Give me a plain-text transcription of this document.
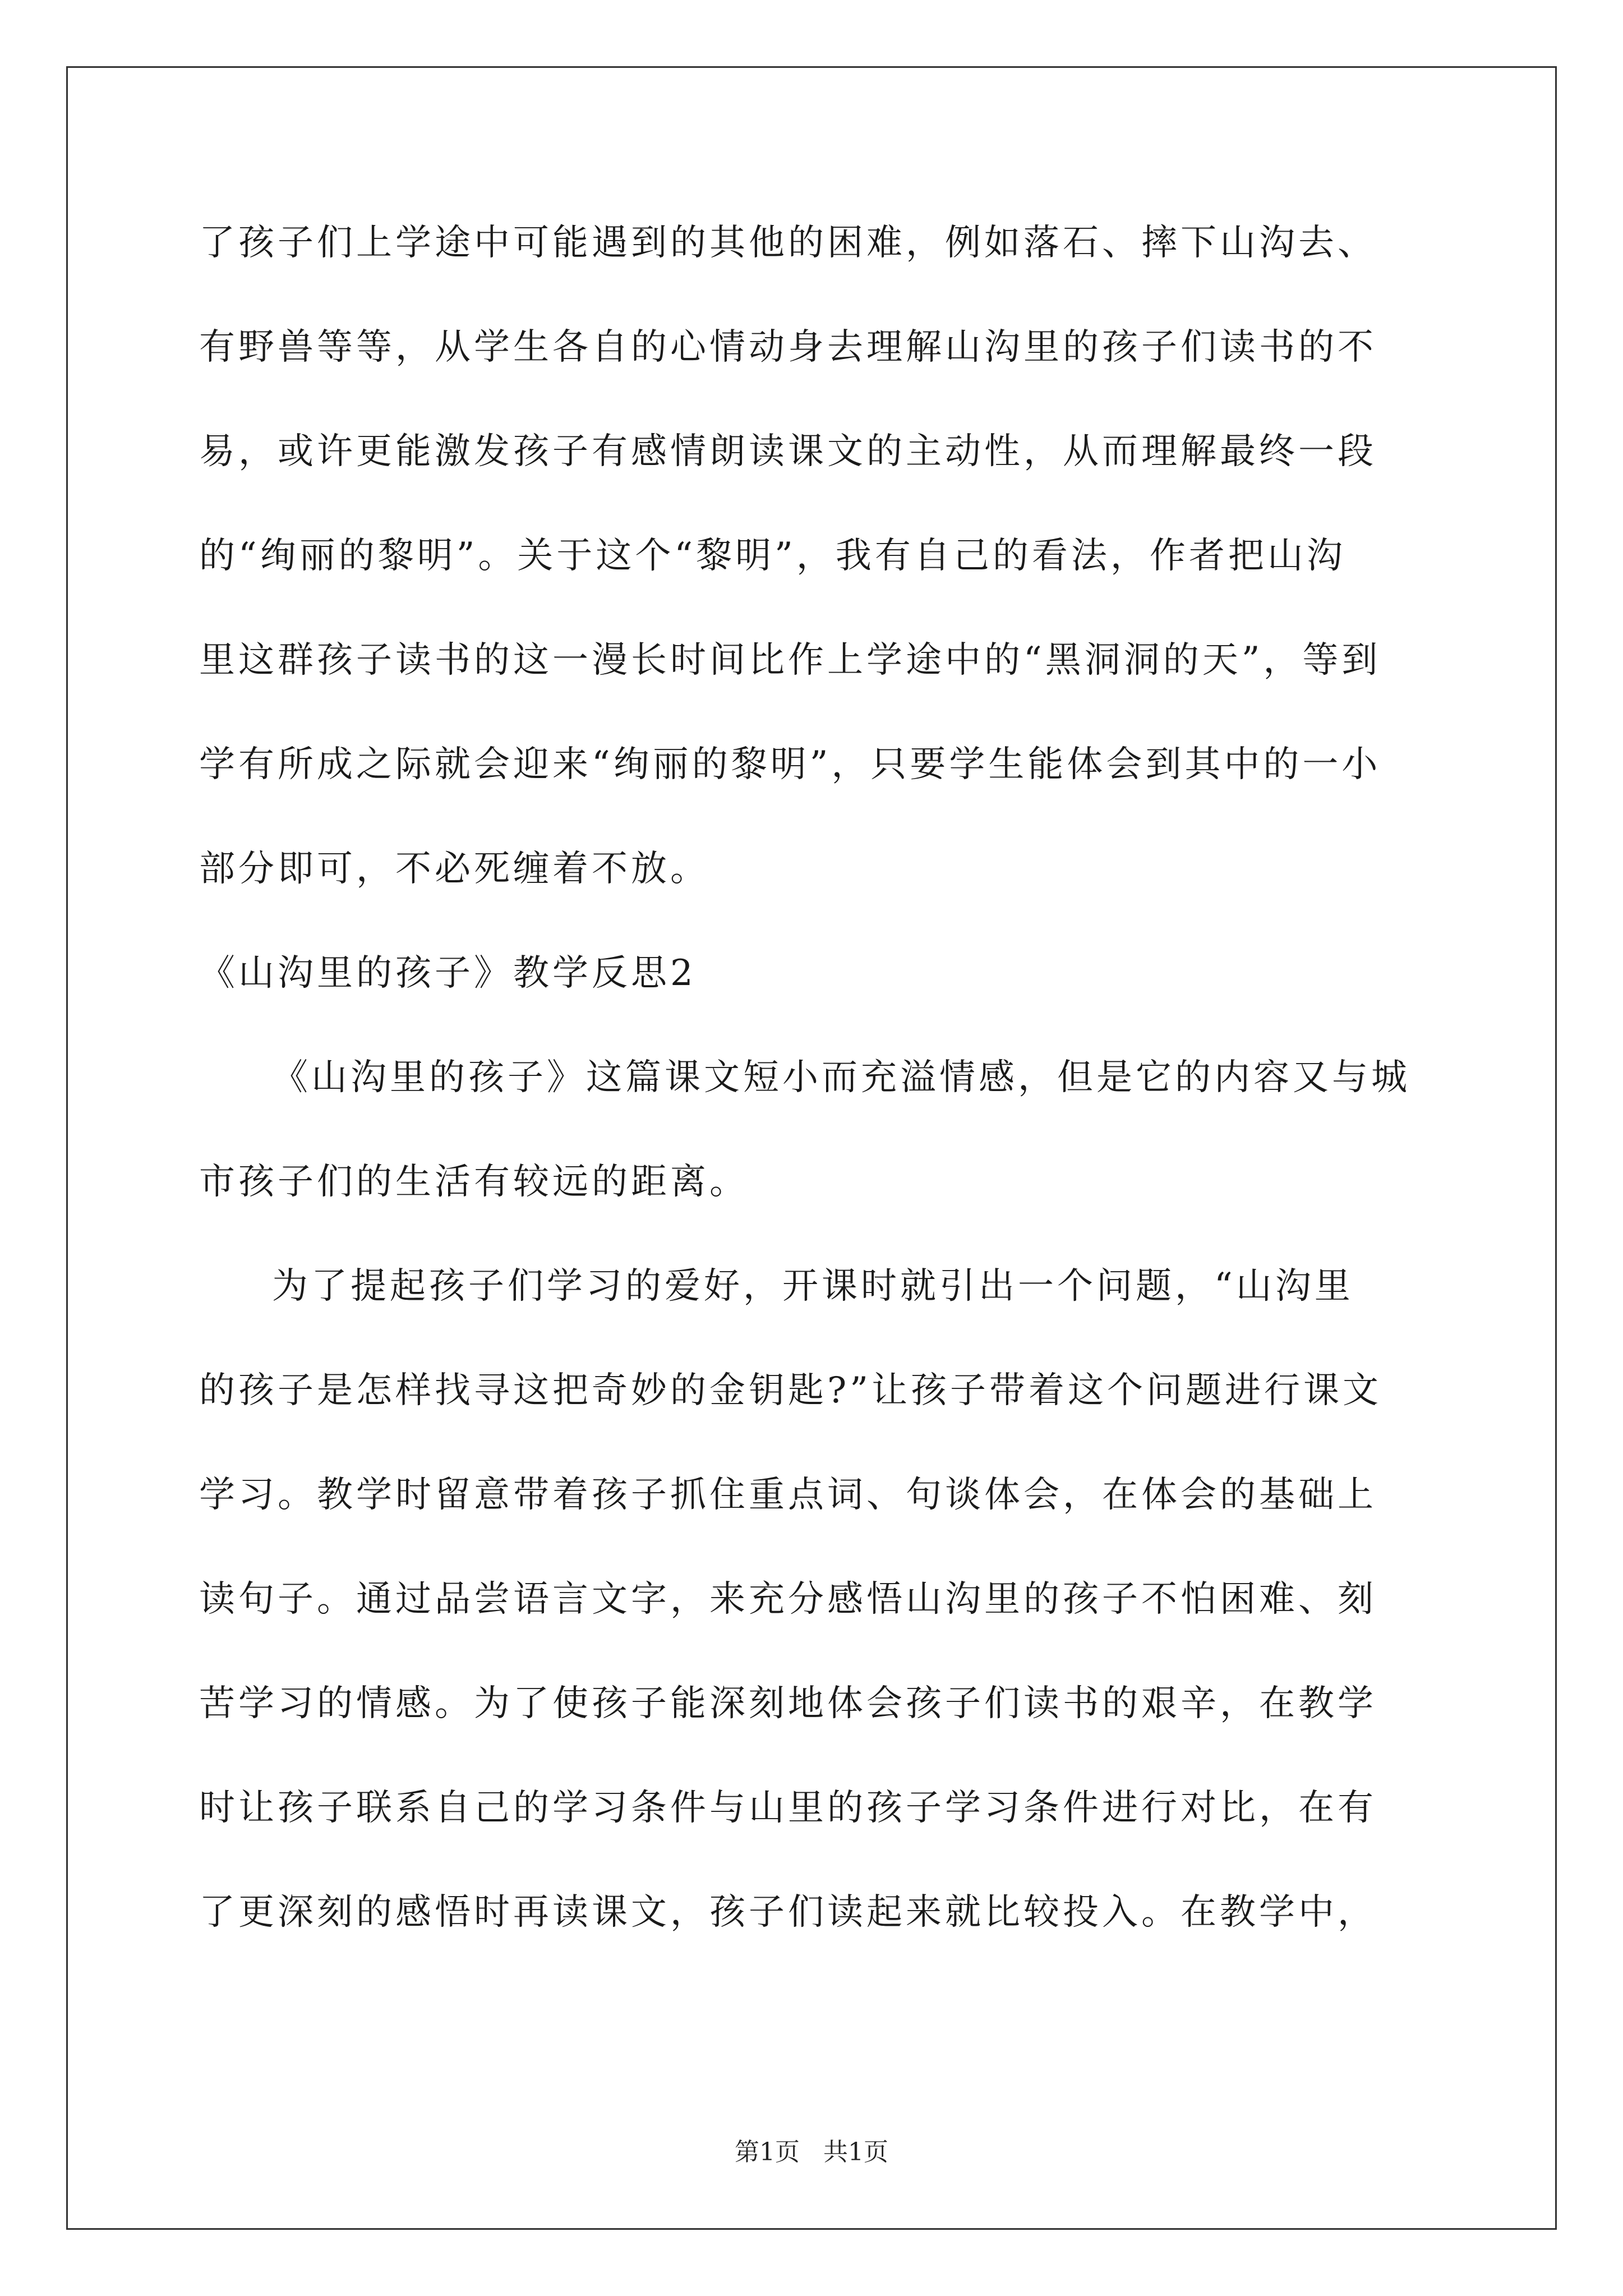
了孩子们上学途中可能遇到的其他的困难，例如落石、摔下山沟去、
有野兽等等，从学生各自的心情动身去理解山沟里的孩子们读书的不
易，或许更能激发孩子有感情朗读课文的主动性，从而理解最终一段
的“绚丽的黎明”。关于这个“黎明”，我有自己的看法，作者把山沟
里这群孩子读书的这一漫长时间比作上学途中的“黑洞洞的天”，等到
学有所成之际就会迎来“绚丽的黎明”，只要学生能体会到其中的一小
部分即可，不必死缠着不放。
《山沟里的孩子》教学反思2
《山沟里的孩子》这篇课文短小而充溢情感，但是它的内容又与城
市孩子们的生活有较远的距离。
为了提起孩子们学习的爱好，开课时就引出一个问题，“山沟里
的孩子是怎样找寻这把奇妙的金钥匙?”让孩子带着这个问题进行课文
学习。教学时留意带着孩子抓住重点词、句谈体会，在体会的基础上
读句子。通过品尝语言文字，来充分感悟山沟里的孩子不怕困难、刻
苦学习的情感。为了使孩子能深刻地体会孩子们读书的艰辛，在教学
时让孩子联系自己的学习条件与山里的孩子学习条件进行对比，在有
了更深刻的感悟时再读课文，孩子们读起来就比较投入。在教学中，
第1页   共1页
